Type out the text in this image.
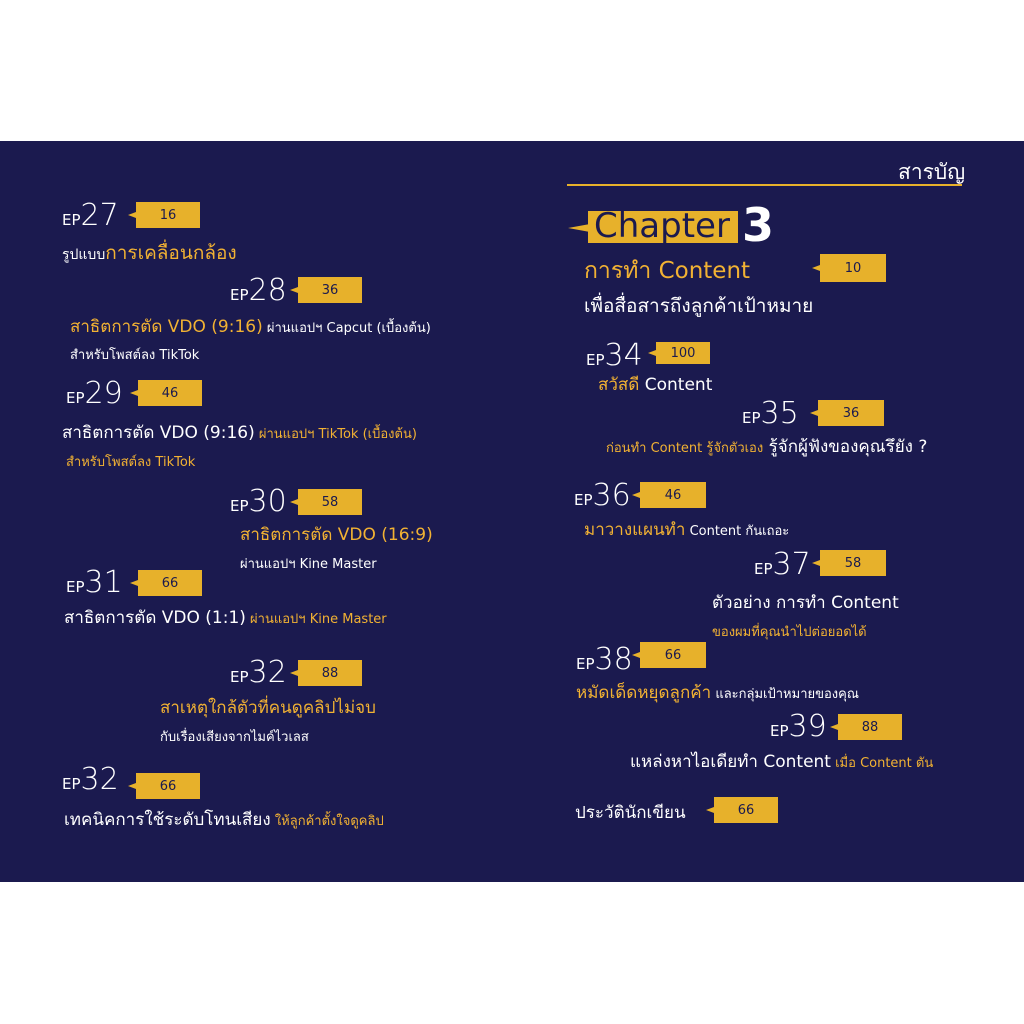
สารบัญ
EP27	16
รูปแบบการเคลื่อนกล้อง
EP28	36
สาธิตการตัด VDO (9:16) ผ่านแอปฯ Capcut (เบื้องต้น)
สำหรับโพสต์ลง TikTok
EP29	46
สาธิตการตัด VDO (9:16) ผ่านแอปฯ TikTok (เบื้องต้น)
สำหรับโพสต์ลง TikTok
EP30	58
สาธิตการตัด VDO (16:9)
ผ่านแอปฯ Kine Master
EP31	66
สาธิตการตัด VDO (1:1) ผ่านแอปฯ Kine Master
EP32	88
สาเหตุใกล้ตัวที่คนดูคลิปไม่จบ
กับเรื่องเสียงจากไมค์ไวเลส
EP32	66
เทคนิคการใช้ระดับโทนเสียง ให้ลูกค้าตั้งใจดูคลิป
Chapter 3
การทำ Content	10
เพื่อสื่อสารถึงลูกค้าเป้าหมาย
EP34	100
สวัสดี Content
EP35	36
ก่อนทำ Content รู้จักตัวเอง รู้จักผู้ฟังของคุณรึยัง ?
EP36	46
มาวางแผนทำ Content กันเถอะ
EP37	58
ตัวอย่าง การทำ Content
ของผมที่คุณนำไปต่อยอดได้
EP38	66
หมัดเด็ดหยุดลูกค้า และกลุ่มเป้าหมายของคุณ
EP39	88
แหล่งหาไอเดียทำ Content เมื่อ Content ตัน
ประวัตินักเขียน	66
